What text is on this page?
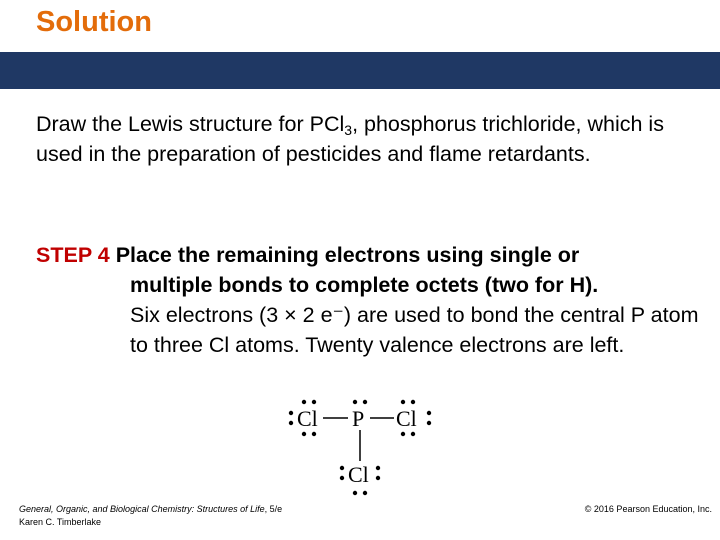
Solution

Draw the Lewis structure for PCl$_3$, phosphorus trichloride, which is used in the preparation of pesticides and flame retardants.

STEP 4 Place the remaining electrons using single or
multiple bonds to complete octets (two for H).

Six electrons (3 × 2 e⁻) are used to bond the central P atom to three Cl atoms. Twenty valence electrons are left.

Cl P Cl
Cl

General, Organic, and Biological Chemistry: Structures of Life, 5/e
Karen C. Timberlake

© 2016 Pearson Education, Inc.
